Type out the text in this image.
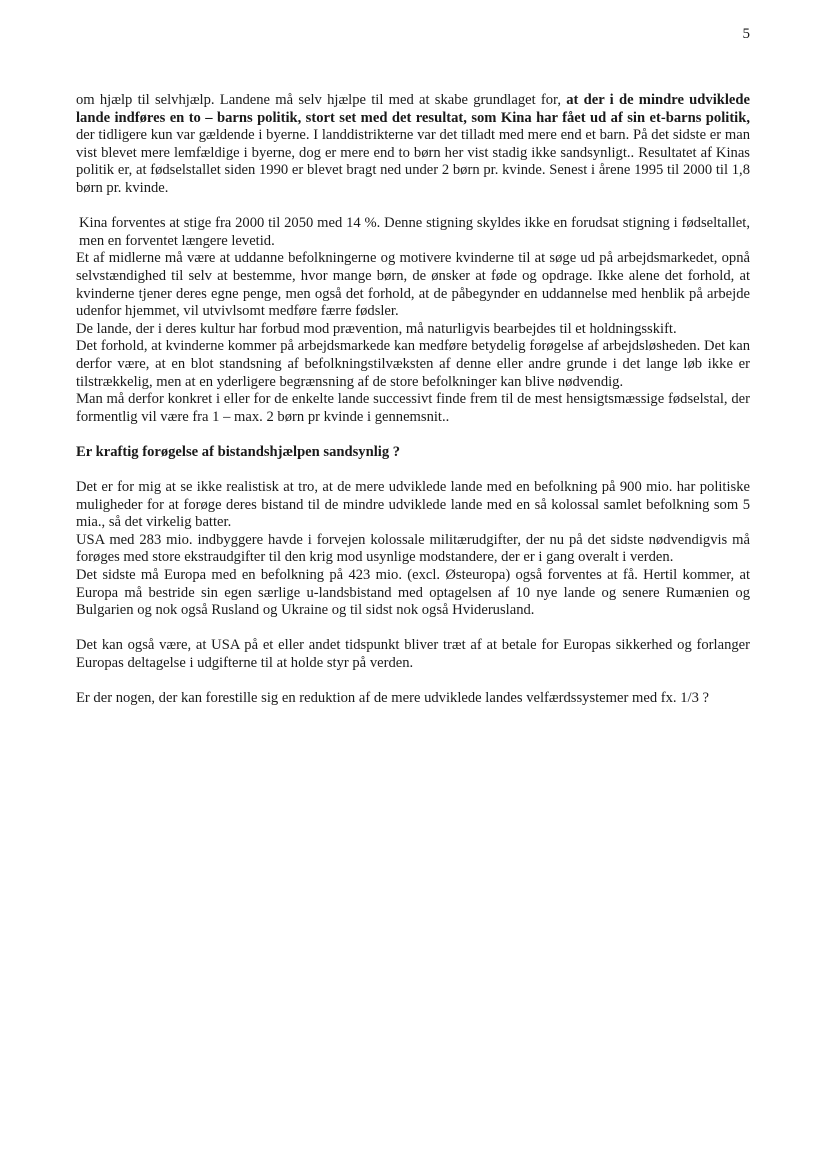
5

om hjælp til selvhjælp. Landene må selv hjælpe til med at skabe grundlaget for, at der i de mindre udviklede lande indføres en to – barns politik, stort set med det resultat, som Kina har fået ud af sin et-barns politik, der tidligere kun var gældende i byerne. I landdistrikterne var det tilladt med mere end et barn. På det sidste er man vist blevet mere lemfældige i byerne, dog er mere end to børn her vist stadig ikke sandsynligt.. Resultatet af Kinas politik er, at fødselstallet siden 1990 er blevet bragt ned under 2 børn pr. kvinde. Senest i årene 1995 til 2000 til 1,8 børn pr. kvinde.

Kina forventes at stige fra 2000 til 2050 med 14 %. Denne stigning skyldes ikke en forudsat stigning i fødseltallet, men en forventet længere levetid.

Et af midlerne må være at uddanne befolkningerne og motivere kvinderne til at søge ud på arbejdsmarkedet, opnå selvstændighed til selv at bestemme, hvor mange børn, de ønsker at føde og opdrage. Ikke alene det forhold, at kvinderne tjener deres egne penge, men også det forhold, at de påbegynder en uddannelse med henblik på arbejde udenfor hjemmet, vil utvivlsomt medføre færre fødsler.

De lande, der i deres kultur har forbud mod prævention, må naturligvis bearbejdes til et holdningsskift.

Det forhold, at kvinderne kommer på arbejdsmarkede kan medføre betydelig forøgelse af arbejdsløsheden. Det kan derfor være, at en blot standsning af befolkningstilvæksten af denne eller andre grunde i det lange løb ikke er tilstrækkelig, men at en yderligere begrænsning af de store befolkninger kan blive nødvendig.

Man må derfor konkret i eller for de enkelte lande successivt finde frem til de mest hensigtsmæssige fødselstal, der formentlig vil være fra 1 – max. 2 børn pr kvinde i gennemsnit..

Er kraftig forøgelse af bistandshjælpen sandsynlig ?

Det er for mig at se ikke realistisk at tro, at de mere udviklede lande med en befolkning på 900 mio. har politiske muligheder for at forøge deres bistand til de mindre udviklede lande med en så kolossal samlet befolkning som 5 mia., så det virkelig batter.

USA med 283 mio. indbyggere havde i forvejen kolossale militærudgifter, der nu på det sidste nødvendigvis må forøges med store ekstraudgifter til den krig mod usynlige modstandere, der er i gang overalt i verden.

Det sidste må Europa med en befolkning på 423 mio. (excl. Østeuropa) også forventes at få. Hertil kommer, at Europa må bestride sin egen særlige u-landsbistand med optagelsen af 10 nye lande og senere Rumænien og Bulgarien og nok også Rusland og Ukraine og til sidst nok også Hviderusland.

Det kan også være, at USA på et eller andet tidspunkt bliver træt af at betale for Europas sikkerhed og forlanger Europas deltagelse i udgifterne til at holde styr på verden.

Er der nogen, der kan forestille sig en reduktion af de mere udviklede landes velfærdssystemer med fx. 1/3 ?
